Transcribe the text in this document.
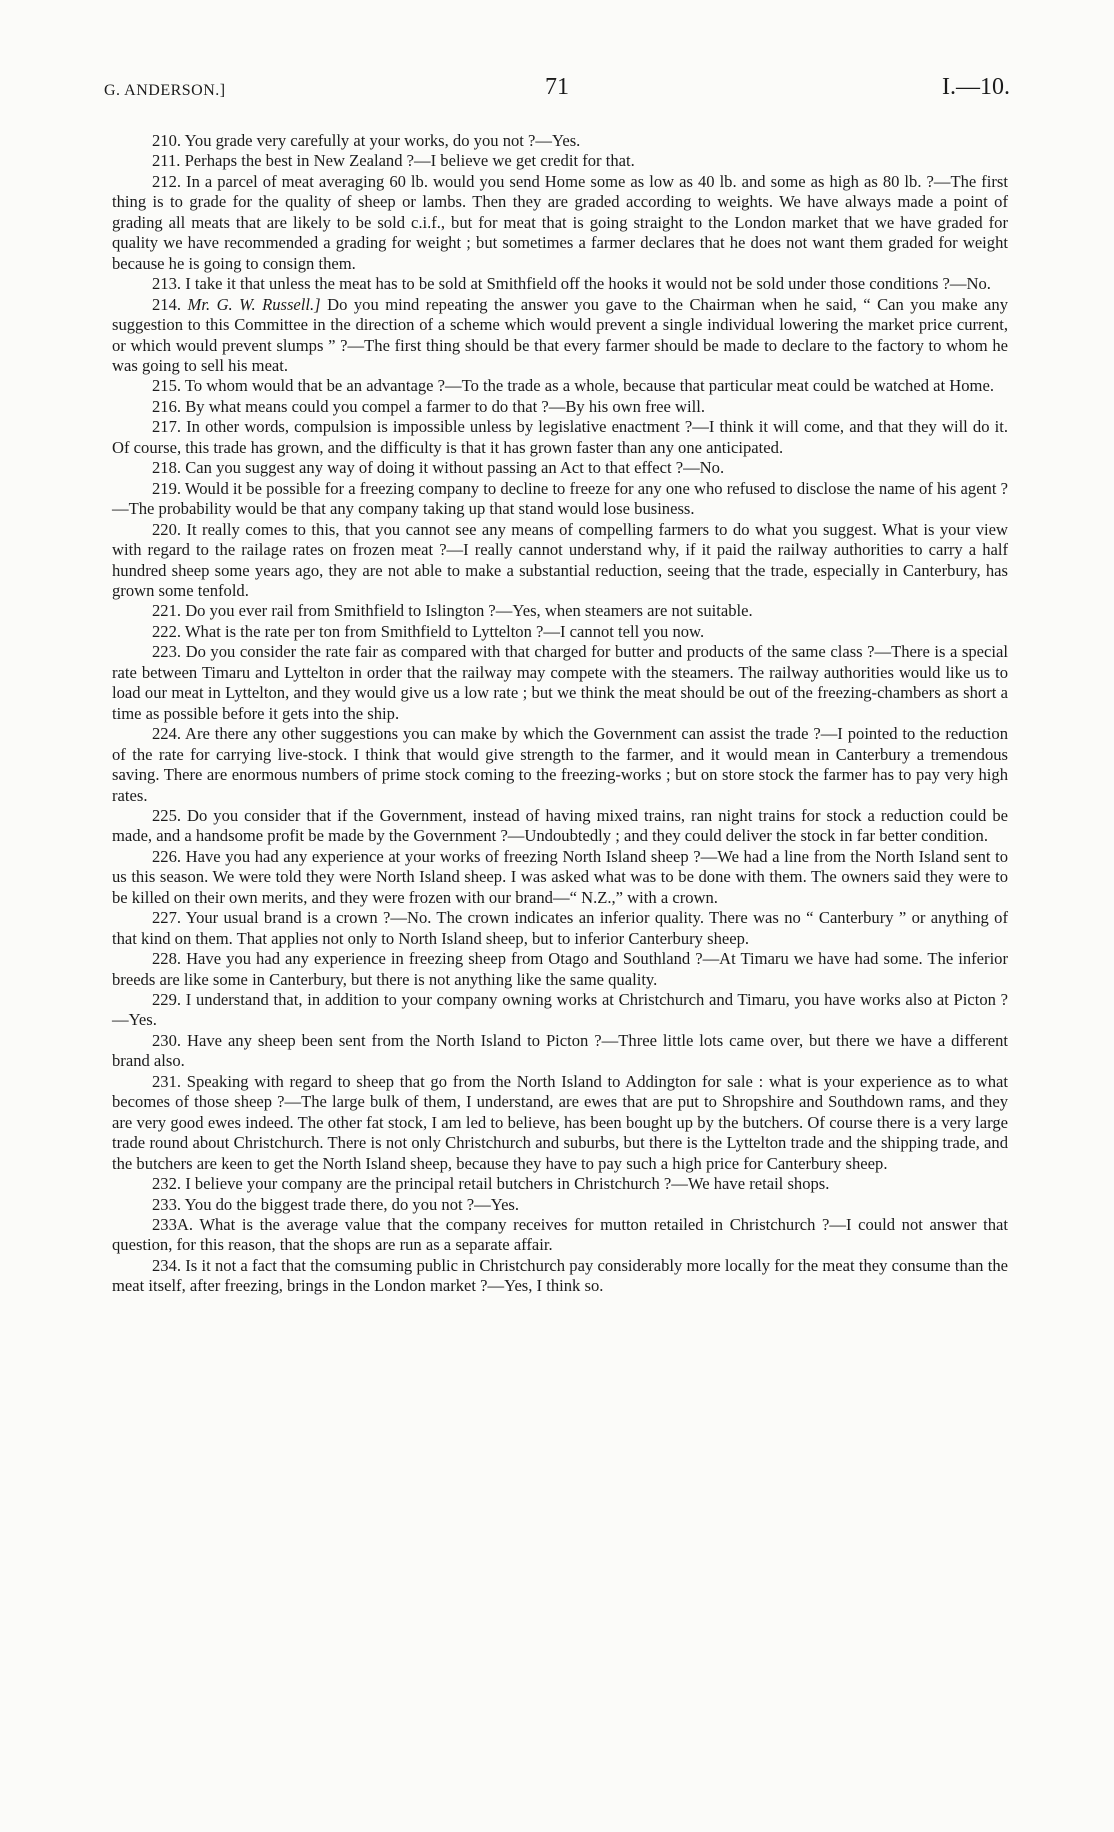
G. ANDERSON.]	71	I.—10.

210. You grade very carefully at your works, do you not ?—Yes.

211. Perhaps the best in New Zealand ?—I believe we get credit for that.

212. In a parcel of meat averaging 60 lb. would you send Home some as low as 40 lb. and some as high as 80 lb. ?—The first thing is to grade for the quality of sheep or lambs. Then they are graded according to weights. We have always made a point of grading all meats that are likely to be sold c.i.f., but for meat that is going straight to the London market that we have graded for quality we have recommended a grading for weight ; but sometimes a farmer declares that he does not want them graded for weight because he is going to consign them.

213. I take it that unless the meat has to be sold at Smithfield off the hooks it would not be sold under those conditions ?—No.

214. Mr. G. W. Russell.] Do you mind repeating the answer you gave to the Chairman when he said, “ Can you make any suggestion to this Committee in the direction of a scheme which would prevent a single individual lowering the market price current, or which would prevent slumps ” ?—The first thing should be that every farmer should be made to declare to the factory to whom he was going to sell his meat.

215. To whom would that be an advantage ?—To the trade as a whole, because that particular meat could be watched at Home.

216. By what means could you compel a farmer to do that ?—By his own free will.

217. In other words, compulsion is impossible unless by legislative enactment ?—I think it will come, and that they will do it. Of course, this trade has grown, and the difficulty is that it has grown faster than any one anticipated.

218. Can you suggest any way of doing it without passing an Act to that effect ?—No.

219. Would it be possible for a freezing company to decline to freeze for any one who refused to disclose the name of his agent ?—The probability would be that any company taking up that stand would lose business.

220. It really comes to this, that you cannot see any means of compelling farmers to do what you suggest. What is your view with regard to the railage rates on frozen meat ?—I really cannot understand why, if it paid the railway authorities to carry a half hundred sheep some years ago, they are not able to make a substantial reduction, seeing that the trade, especially in Canterbury, has grown some tenfold.

221. Do you ever rail from Smithfield to Islington ?—Yes, when steamers are not suitable.

222. What is the rate per ton from Smithfield to Lyttelton ?—I cannot tell you now.

223. Do you consider the rate fair as compared with that charged for butter and products of the same class ?—There is a special rate between Timaru and Lyttelton in order that the railway may compete with the steamers. The railway authorities would like us to load our meat in Lyttelton, and they would give us a low rate ; but we think the meat should be out of the freezing-chambers as short a time as possible before it gets into the ship.

224. Are there any other suggestions you can make by which the Government can assist the trade ?—I pointed to the reduction of the rate for carrying live-stock. I think that would give strength to the farmer, and it would mean in Canterbury a tremendous saving. There are enormous numbers of prime stock coming to the freezing-works ; but on store stock the farmer has to pay very high rates.

225. Do you consider that if the Government, instead of having mixed trains, ran night trains for stock a reduction could be made, and a handsome profit be made by the Government ?—Undoubtedly ; and they could deliver the stock in far better condition.

226. Have you had any experience at your works of freezing North Island sheep ?—We had a line from the North Island sent to us this season. We were told they were North Island sheep. I was asked what was to be done with them. The owners said they were to be killed on their own merits, and they were frozen with our brand—“ N.Z.,” with a crown.

227. Your usual brand is a crown ?—No. The crown indicates an inferior quality. There was no “ Canterbury ” or anything of that kind on them. That applies not only to North Island sheep, but to inferior Canterbury sheep.

228. Have you had any experience in freezing sheep from Otago and Southland ?—At Timaru we have had some. The inferior breeds are like some in Canterbury, but there is not anything like the same quality.

229. I understand that, in addition to your company owning works at Christchurch and Timaru, you have works also at Picton ?—Yes.

230. Have any sheep been sent from the North Island to Picton ?—Three little lots came over, but there we have a different brand also.

231. Speaking with regard to sheep that go from the North Island to Addington for sale : what is your experience as to what becomes of those sheep ?—The large bulk of them, I understand, are ewes that are put to Shropshire and Southdown rams, and they are very good ewes indeed. The other fat stock, I am led to believe, has been bought up by the butchers. Of course there is a very large trade round about Christchurch. There is not only Christchurch and suburbs, but there is the Lyttelton trade and the shipping trade, and the butchers are keen to get the North Island sheep, because they have to pay such a high price for Canterbury sheep.

232. I believe your company are the principal retail butchers in Christchurch ?—We have retail shops.

233. You do the biggest trade there, do you not ?—Yes.

233A. What is the average value that the company receives for mutton retailed in Christchurch ?—I could not answer that question, for this reason, that the shops are run as a separate affair.

234. Is it not a fact that the comsuming public in Christchurch pay considerably more locally for the meat they consume than the meat itself, after freezing, brings in the London market ?—Yes, I think so.
